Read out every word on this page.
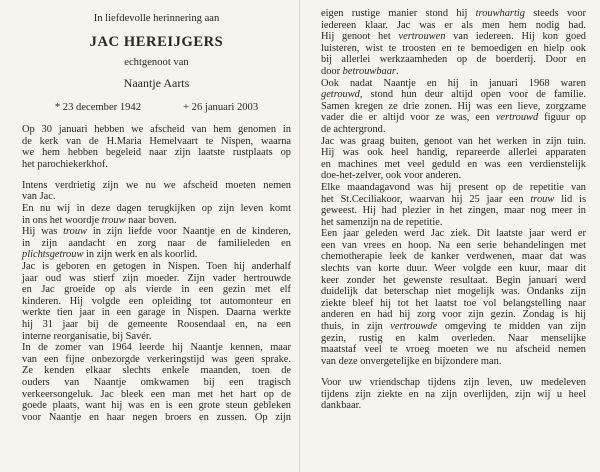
In liefdevolle herinnering aan
JAC HEREIJGERS
echtgenoot van
Naantje Aarts
* 23 december 1942	+ 26 januari 2003

Op 30 januari hebben we afscheid van hem genomen in
de kerk van de H.Maria Hemelvaart te Nispen, waarna
we hem hebben begeleid naar zijn laatste rustplaats op
het parochiekerkhof.

Intens verdrietig zijn we nu we afscheid moeten nemen
van Jac.
En nu wij in deze dagen terugkijken op zijn leven komt
in ons het woordje trouw naar boven.
Hij was trouw in zijn liefde voor Naantje en de kinderen,
in zijn aandacht en zorg naar de familieleden en
plichtsgetrouw in zijn werk en als koorlid.
Jac is geboren en getogen in Nispen. Toen hij anderhalf
jaar oud was stierf zijn moeder. Zijn vader hertrouwde
en Jac groeide op als vierde in een gezin met elf
kinderen. Hij volgde een opleiding tot automonteur en
werkte tien jaar in een garage in Nispen. Daarna werkte
hij 31 jaar bij de gemeente Roosendaal en, na een
interne reorganisatie, bij Savér.
In de zomer van 1964 leerde hij Naantje kennen, maar
van een fijne onbezorgde verkeringstijd was geen sprake.
Ze kenden elkaar slechts enkele maanden, toen de
ouders van Naantje omkwamen bij een tragisch
verkeersongeluk. Jac bleek een man met het hart op de
goede plaats, want hij was en is een grote steun gebleken
voor Naantje en haar negen broers en zussen. Op zijn

eigen rustige manier stond hij trouwhartig steeds voor
iedereen klaar. Jac was er als men hem nodig had.
Hij genoot het vertrouwen van iedereen. Hij kon goed
luisteren, wist te troosten en te bemoedigen en hielp ook
bij allerlei werkzaamheden op de boerderij. Door en
door betrouwbaar.
Ook nadat Naantje en hij in januari 1968 waren
getrouwd, stond hun deur altijd open voor de familie.
Samen kregen ze drie zonen. Hij was een lieve, zorgzame
vader die er altijd voor ze was, een vertrouwd figuur op
de achtergrond.
Jac was graag buiten, genoot van het werken in zijn tuin.
Hij was ook heel handig, repareerde allerlei apparaten
en machines met veel geduld en was een verdienstelijk
doe-het-zelver, ook voor anderen.
Elke maandagavond was hij present op de repetitie van
het St.Ceciliakoor, waarvan hij 25 jaar een trouw lid is
geweest. Hij had plezier in het zingen, maar nog meer in
het samenzijn na de repetitie.
Een jaar geleden werd Jac ziek. Dit laatste jaar werd er
een van vrees en hoop. Na een serie behandelingen met
chemotherapie leek de kanker verdwenen, maar dat was
slechts van korte duur. Weer volgde een kuur, maar dit
keer zonder het gewenste resultaat. Begin januari werd
duidelijk dat beterschap niet mogelijk was. Ondanks zijn
ziekte bleef hij tot het laatst toe vol belangstelling naar
anderen en had hij zorg voor zijn gezin. Zondag is hij
thuis, in zijn vertrouwde omgeving te midden van zijn
gezin, rustig en kalm overleden. Naar menselijke
maatstaf veel te vroeg moeten we nu afscheid nemen
van deze onvergetelijke en bijzondere man.

Voor uw vriendschap tijdens zijn leven, uw medeleven
tijdens zijn ziekte en na zijn overlijden, zijn wij u heel
dankbaar.
